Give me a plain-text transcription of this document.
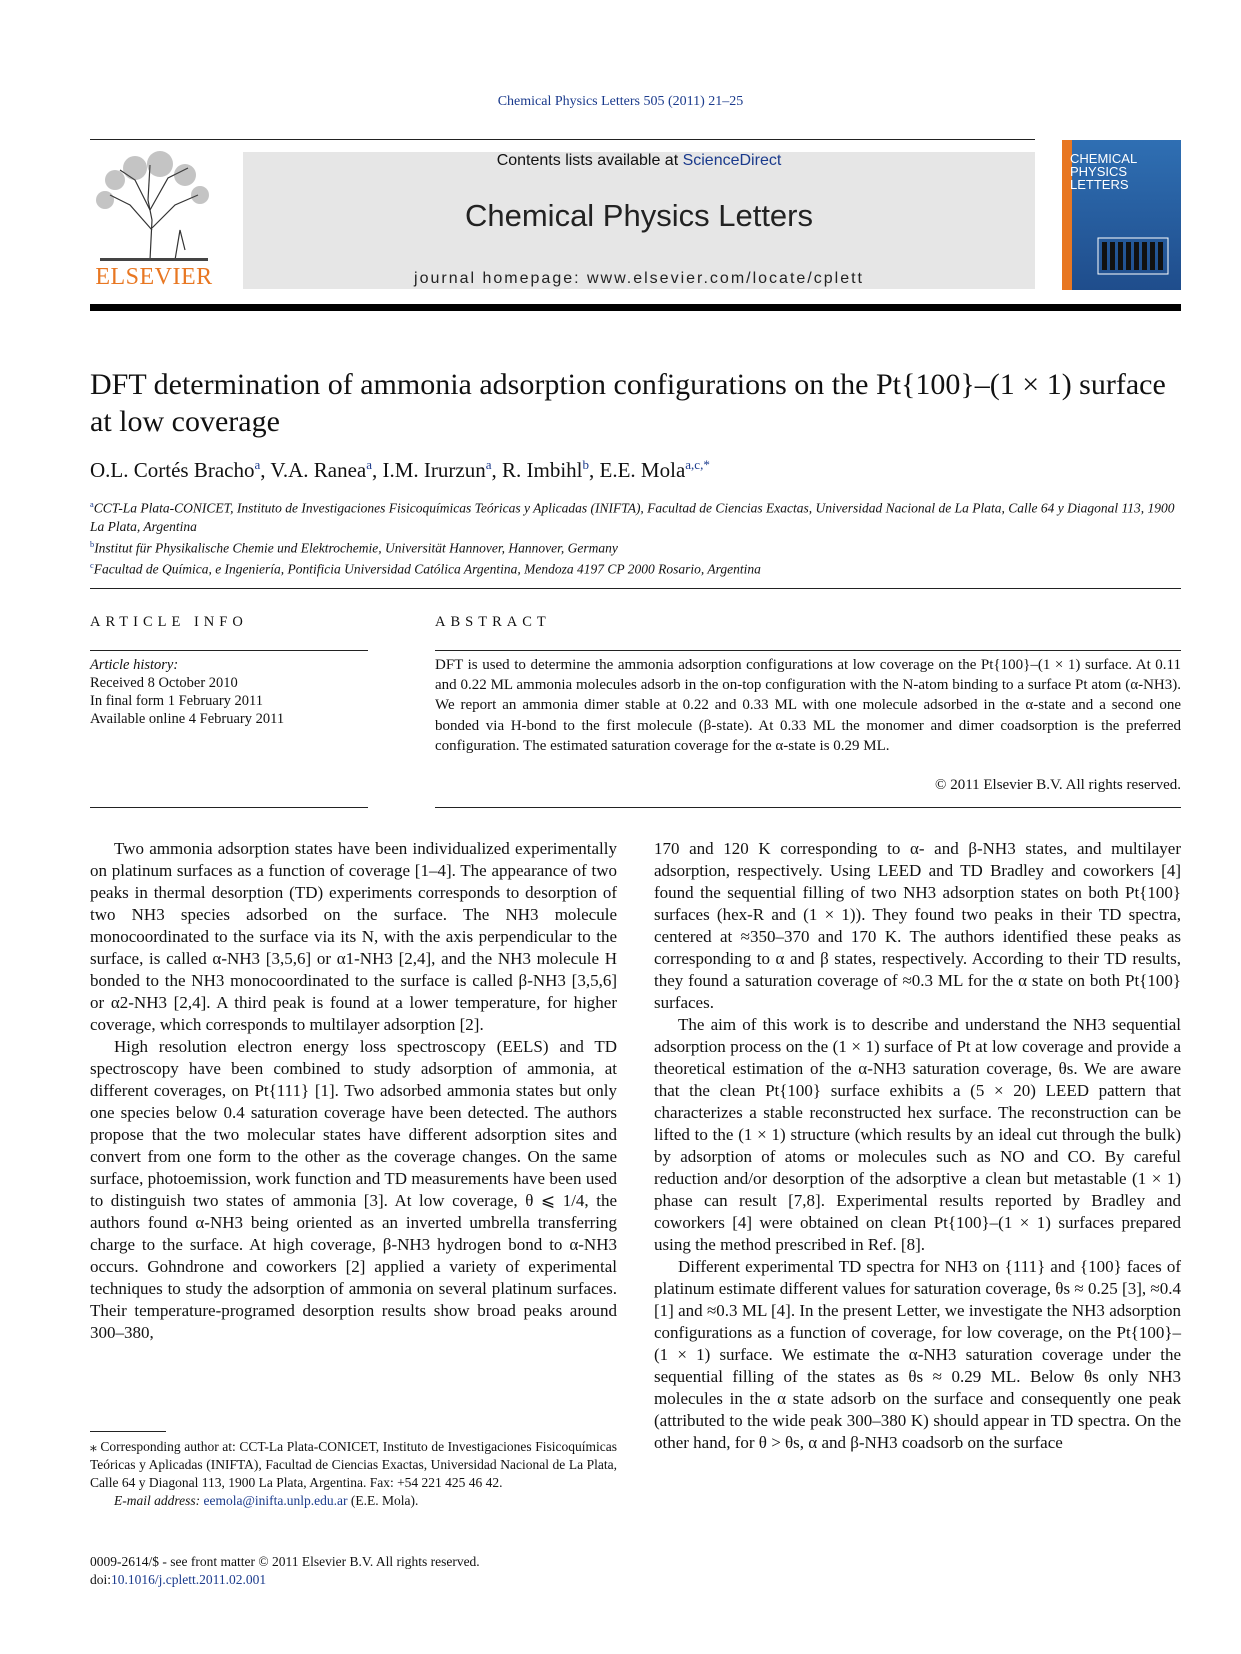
Chemical Physics Letters 505 (2011) 21–25
ELSEVIER
Contents lists available at ScienceDirect
Chemical Physics Letters
journal homepage: www.elsevier.com/locate/cplett
CHEMICAL PHYSICS LETTERS
DFT determination of ammonia adsorption configurations on the Pt{100}–(1 × 1) surface at low coverage
O.L. Cortés Bracho$^a$, V.A. Ranea$^a$, I.M. Irurzun$^a$, R. Imbihl$^b$, E.E. Mola$^{a,c,*}$
$^a$CCT-La Plata-CONICET, Instituto de Investigaciones Fisicoquímicas Teóricas y Aplicadas (INIFTA), Facultad de Ciencias Exactas, Universidad Nacional de La Plata, Calle 64 y Diagonal 113, 1900 La Plata, Argentina
$^b$Institut für Physikalische Chemie und Elektrochemie, Universität Hannover, Hannover, Germany
$^c$Facultad de Química, e Ingeniería, Pontificia Universidad Católica Argentina, Mendoza 4197 CP 2000 Rosario, Argentina
ARTICLE INFO	ABSTRACT
Article history:
Received 8 October 2010
In final form 1 February 2011
Available online 4 February 2011
DFT is used to determine the ammonia adsorption configurations at low coverage on the Pt{100}–(1 × 1) surface. At 0.11 and 0.22 ML ammonia molecules adsorb in the on-top configuration with the N-atom binding to a surface Pt atom (α-NH3). We report an ammonia dimer stable at 0.22 and 0.33 ML with one molecule adsorbed in the α-state and a second one bonded via H-bond to the first molecule (β-state). At 0.33 ML the monomer and dimer coadsorption is the preferred configuration. The estimated saturation coverage for the α-state is 0.29 ML.
© 2011 Elsevier B.V. All rights reserved.

Two ammonia adsorption states have been individualized experimentally on platinum surfaces as a function of coverage [1–4]. The appearance of two peaks in thermal desorption (TD) experiments corresponds to desorption of two NH3 species adsorbed on the surface. The NH3 molecule monocoordinated to the surface via its N, with the axis perpendicular to the surface, is called α-NH3 [3,5,6] or α1-NH3 [2,4], and the NH3 molecule H bonded to the NH3 monocoordinated to the surface is called β-NH3 [3,5,6] or α2-NH3 [2,4]. A third peak is found at a lower temperature, for higher coverage, which corresponds to multilayer adsorption [2].

High resolution electron energy loss spectroscopy (EELS) and TD spectroscopy have been combined to study adsorption of ammonia, at different coverages, on Pt{111} [1]. Two adsorbed ammonia states but only one species below 0.4 saturation coverage have been detected. The authors propose that the two molecular states have different adsorption sites and convert from one form to the other as the coverage changes. On the same surface, photoemission, work function and TD measurements have been used to distinguish two states of ammonia [3]. At low coverage, θ ⩽ 1/4, the authors found α-NH3 being oriented as an inverted umbrella transferring charge to the surface. At high coverage, β-NH3 hydrogen bond to α-NH3 occurs. Gohndrone and coworkers [2] applied a variety of experimental techniques to study the adsorption of ammonia on several platinum surfaces. Their temperature-programed desorption results show broad peaks around 300–380,

170 and 120 K corresponding to α- and β-NH3 states, and multilayer adsorption, respectively. Using LEED and TD Bradley and coworkers [4] found the sequential filling of two NH3 adsorption states on both Pt{100} surfaces (hex-R and (1 × 1)). They found two peaks in their TD spectra, centered at ≈350–370 and 170 K. The authors identified these peaks as corresponding to α and β states, respectively. According to their TD results, they found a saturation coverage of ≈0.3 ML for the α state on both Pt{100} surfaces.

The aim of this work is to describe and understand the NH3 sequential adsorption process on the (1 × 1) surface of Pt at low coverage and provide a theoretical estimation of the α-NH3 saturation coverage, θs. We are aware that the clean Pt{100} surface exhibits a (5 × 20) LEED pattern that characterizes a stable reconstructed hex surface. The reconstruction can be lifted to the (1 × 1) structure (which results by an ideal cut through the bulk) by adsorption of atoms or molecules such as NO and CO. By careful reduction and/or desorption of the adsorptive a clean but metastable (1 × 1) phase can result [7,8]. Experimental results reported by Bradley and coworkers [4] were obtained on clean Pt{100}–(1 × 1) surfaces prepared using the method prescribed in Ref. [8].

Different experimental TD spectra for NH3 on {111} and {100} faces of platinum estimate different values for saturation coverage, θs ≈ 0.25 [3], ≈0.4 [1] and ≈0.3 ML [4]. In the present Letter, we investigate the NH3 adsorption configurations as a function of coverage, for low coverage, on the Pt{100}–(1 × 1) surface. We estimate the α-NH3 saturation coverage under the sequential filling of the states as θs ≈ 0.29 ML. Below θs only NH3 molecules in the α state adsorb on the surface and consequently one peak (attributed to the wide peak 300–380 K) should appear in TD spectra. On the other hand, for θ > θs, α and β-NH3 coadsorb on the surface

⁎ Corresponding author at: CCT-La Plata-CONICET, Instituto de Investigaciones Fisicoquímicas Teóricas y Aplicadas (INIFTA), Facultad de Ciencias Exactas, Universidad Nacional de La Plata, Calle 64 y Diagonal 113, 1900 La Plata, Argentina. Fax: +54 221 425 46 42.
E-mail address: eemola@inifta.unlp.edu.ar (E.E. Mola).
0009-2614/$ - see front matter © 2011 Elsevier B.V. All rights reserved.
doi:10.1016/j.cplett.2011.02.001
